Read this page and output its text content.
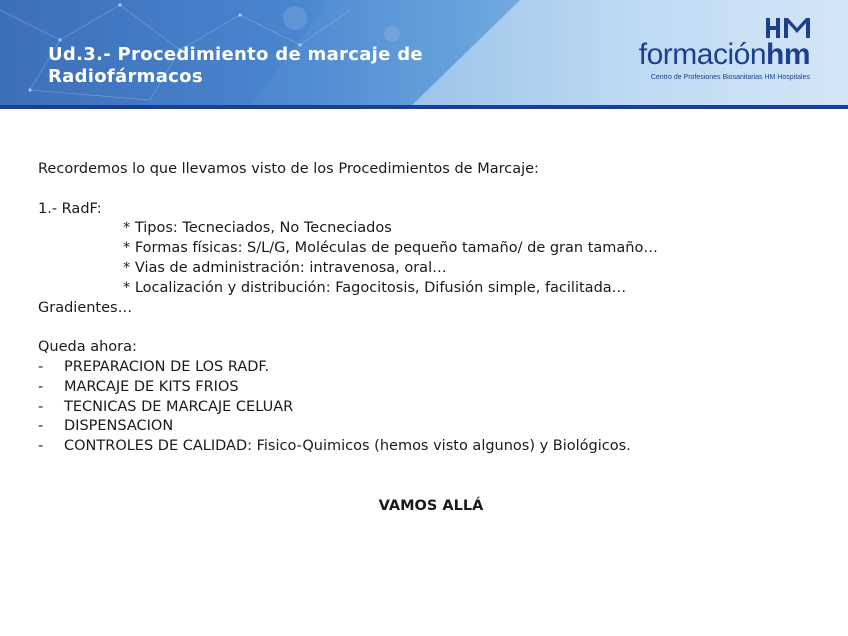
Ud.3.- Procedimiento de marcaje de
Radiofármacos
formaciónhm
Centro de Profesiones Biosanitarias HM Hospitales
Recordemos lo que llevamos visto de los Procedimientos de Marcaje:
1.- RadF:
* Tipos: Tecneciados, No Tecneciados
* Formas físicas: S/L/G, Moléculas de pequeño tamaño/ de gran tamaño…
* Vias de administración: intravenosa, oral…
* Localización y distribución: Fagocitosis, Difusión simple, facilitada…
Gradientes…
Queda ahora:
-	PREPARACION DE LOS RADF.
-	MARCAJE DE KITS FRIOS
-	TECNICAS DE MARCAJE CELUAR
-	DISPENSACION
-	CONTROLES DE CALIDAD: Fisico-Quimicos (hemos visto algunos) y Biológicos.
VAMOS ALLÁ
